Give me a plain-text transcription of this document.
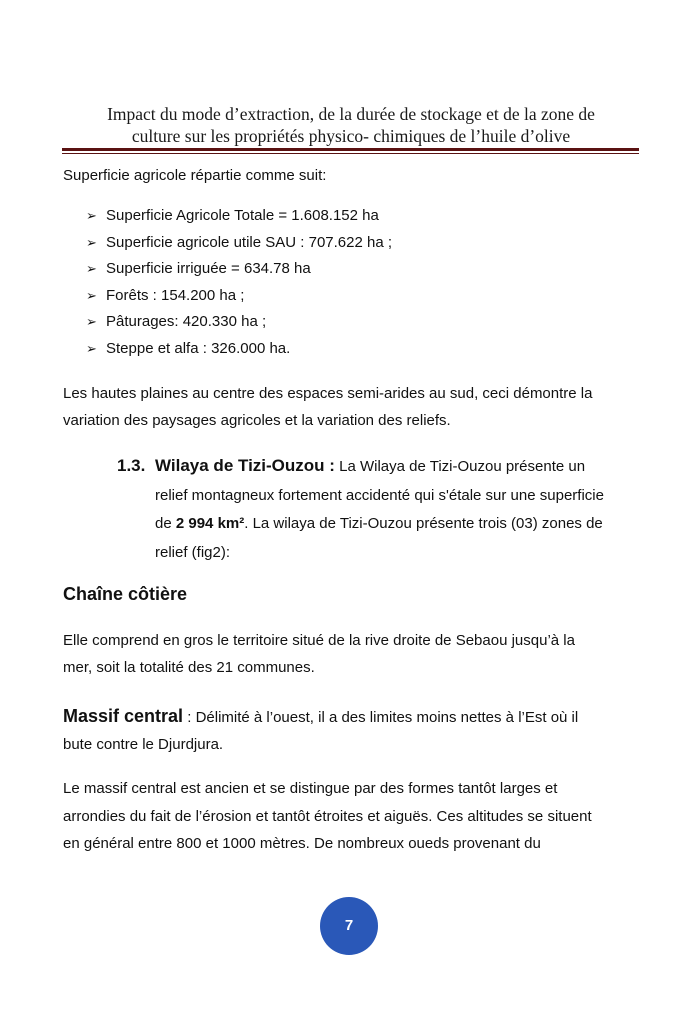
Impact du mode d’extraction, de la durée de stockage et de la zone de
culture sur les propriétés physico- chimiques de l’huile d’olive

Superficie agricole répartie comme suit:

➢ Superficie Agricole Totale = 1.608.152 ha
➢ Superficie agricole utile SAU : 707.622 ha ;
➢ Superficie irriguée = 634.78 ha
➢ Forêts : 154.200 ha ;
➢ Pâturages: 420.330 ha ;
➢ Steppe et alfa : 326.000 ha.
Les hautes plaines au centre des espaces semi-arides au sud, ceci démontre la
variation des paysages agricoles et la variation des reliefs.
1.3. Wilaya de Tizi-Ouzou : La Wilaya de Tizi-Ouzou présente un
relief montagneux fortement accidenté qui s'étale sur une superficie
de 2 994 km². La wilaya de Tizi-Ouzou présente trois (03) zones de
relief (fig2):
Chaîne côtière
Elle comprend en gros le territoire situé de la rive droite de Sebaou jusqu’à la
mer, soit la totalité des 21 communes.
Massif central : Délimité à l’ouest, il a des limites moins nettes à l’Est où il
bute contre le Djurdjura.
Le massif central est ancien et se distingue par des formes tantôt larges et
arrondies du fait de l’érosion et tantôt étroites et aiguës. Ces altitudes se situent
en général entre 800 et 1000 mètres. De nombreux oueds provenant du
7
